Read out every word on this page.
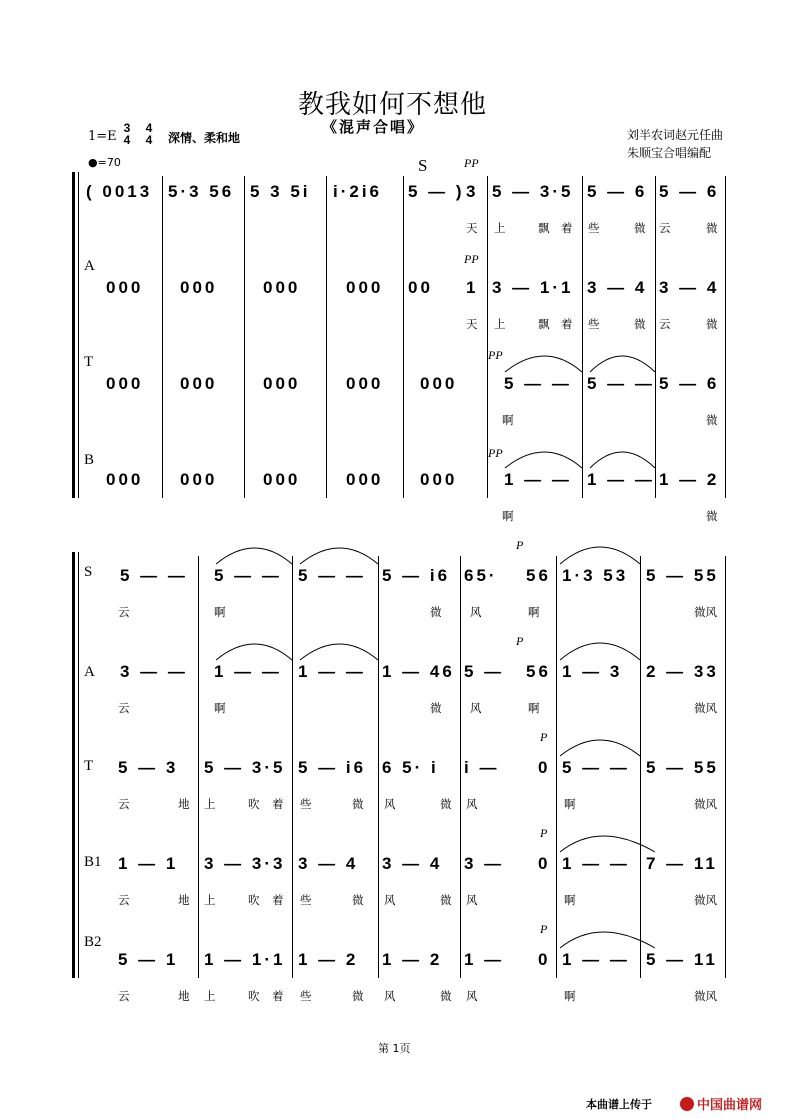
教我如何不想他
《混声合唱》	刘半农词赵元任曲
朱顺宝合唱编配
1=E
3
4
4
4	深情、柔和地
●=70	S	PP
PP
PP
PP
( 0013 5·3 56 5 3 5i i·2i6 5 — ) 3 5 — 3·5 5 — 6 5 — 6
天 上	飘 着 些	微 云	微
A
000 000	000	000 00 1 3 — 1·1 3 — 4 3 — 4
天 上	飘 着 些	微 云	微
T
000 000	000	000 000	5 — — 5 — — 5 — 6
啊	微
B
000 000	000	000 000	1 — — 1 — — 1 — 2
啊	微
P
P
P
P
P
S 5 — — 5 — — 5 — — 5 — i6 65· 56 1·3 53 5 — 55
云	啊	微 风	啊	微风
A 3 — — 1 — — 1 — — 1 — 46 5 — 56 1 — 3 2 — 33
云	啊	微 风	啊	微风
T 5 — 3 5 — 3·5 5 — i6 6 5· i i — 0 5 — — 5 — 55
云	地 上	吹 着 些	微 风	微 风	啊	微风
B1 1 — 1 3 — 3·3 3 — 4 3 — 4 3 — 0 1 — — 7 — 11
云	地 上	吹 着 些	微 风	微 风	啊	微风
B2
5 — 1 1 — 1·1 1 — 2 1 — 2 1 — 0 1 — — 5 — 11
云	地 上	吹 着 些	微 风	微 风	啊	微风
第 1页
本曲谱上传于	中国曲谱网
